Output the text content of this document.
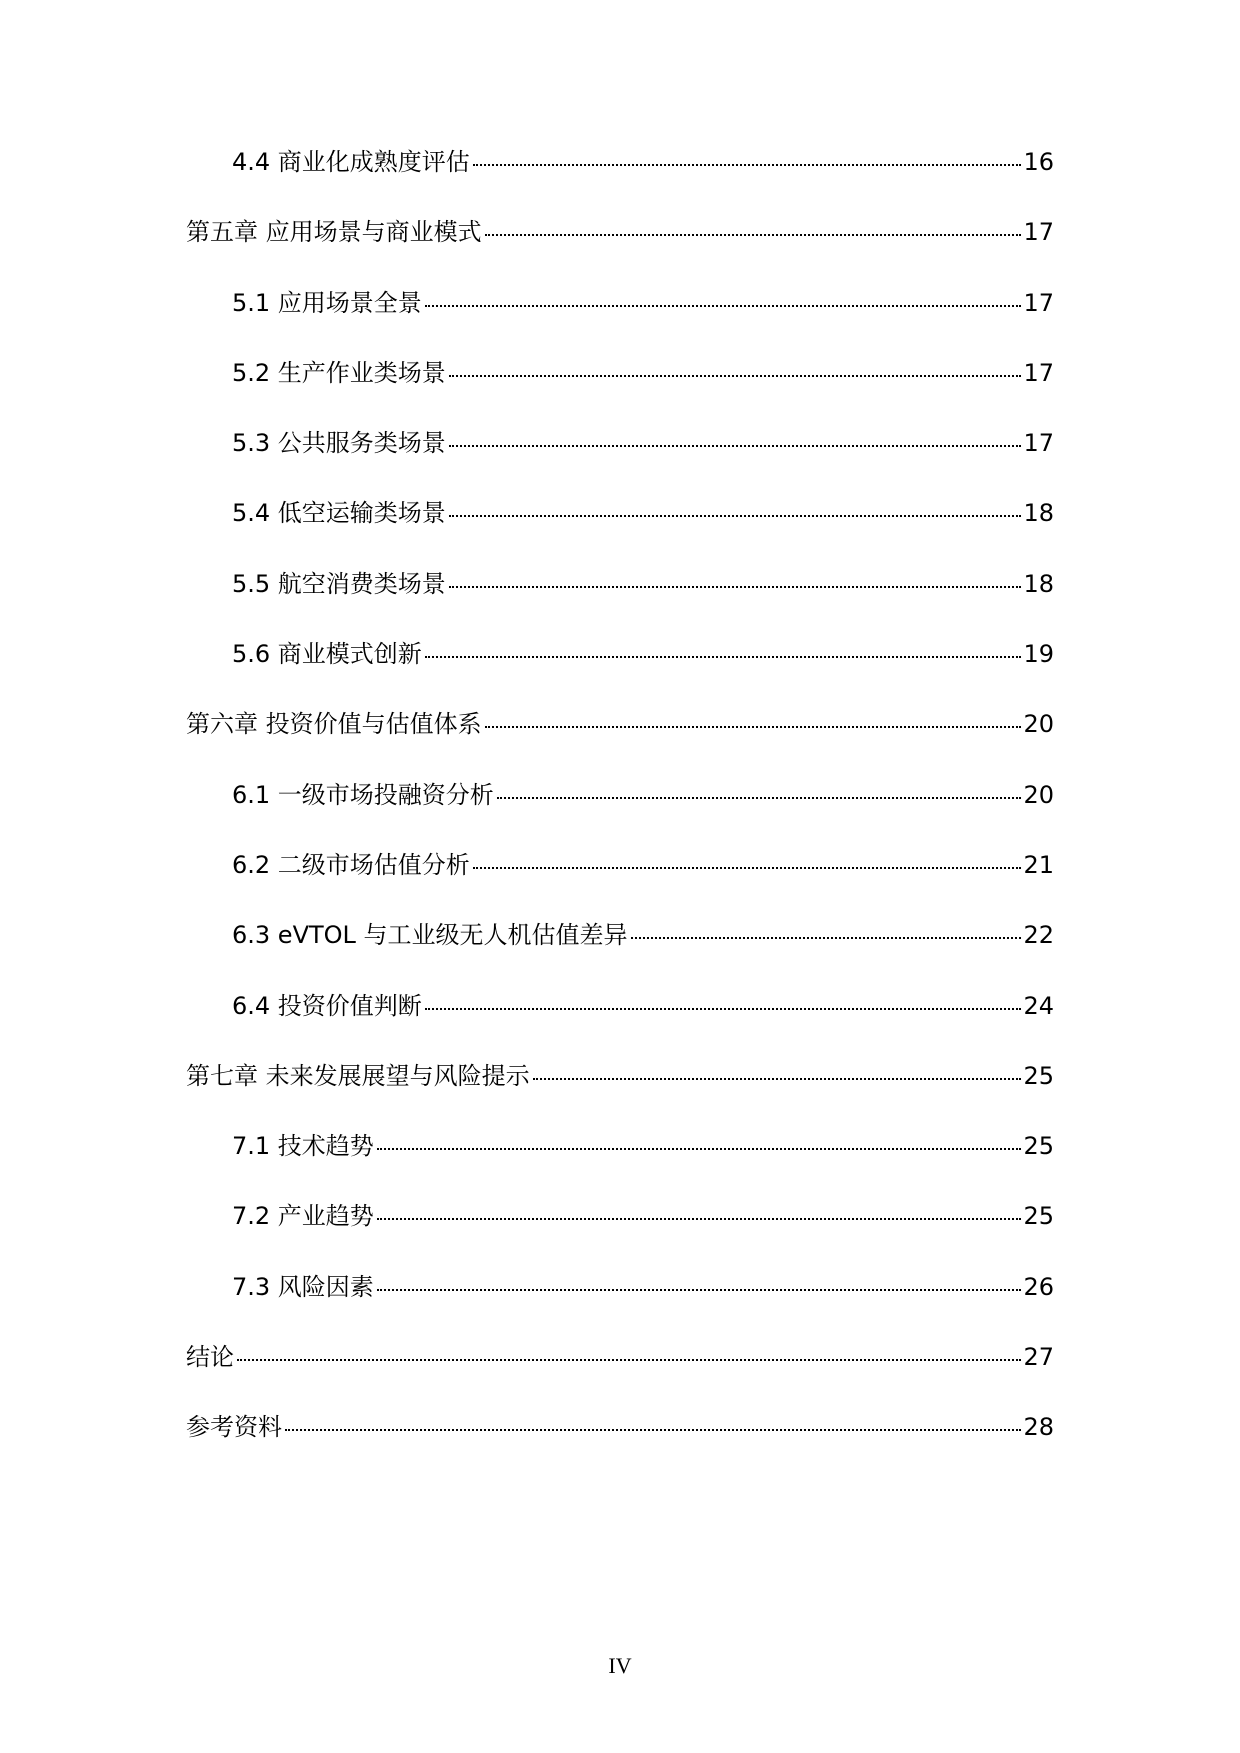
4.4 商业化成熟度评估	16
第五章 应用场景与商业模式	17
5.1 应用场景全景	17
5.2 生产作业类场景	17
5.3 公共服务类场景	17
5.4 低空运输类场景	18
5.5 航空消费类场景	18
5.6 商业模式创新	19
第六章 投资价值与估值体系	20
6.1 一级市场投融资分析	20
6.2 二级市场估值分析	21
6.3 eVTOL 与工业级无人机估值差异	22
6.4 投资价值判断	24
第七章 未来发展展望与风险提示	25
7.1 技术趋势	25
7.2 产业趋势	25
7.3 风险因素	26
结论	27
参考资料	28
IV
